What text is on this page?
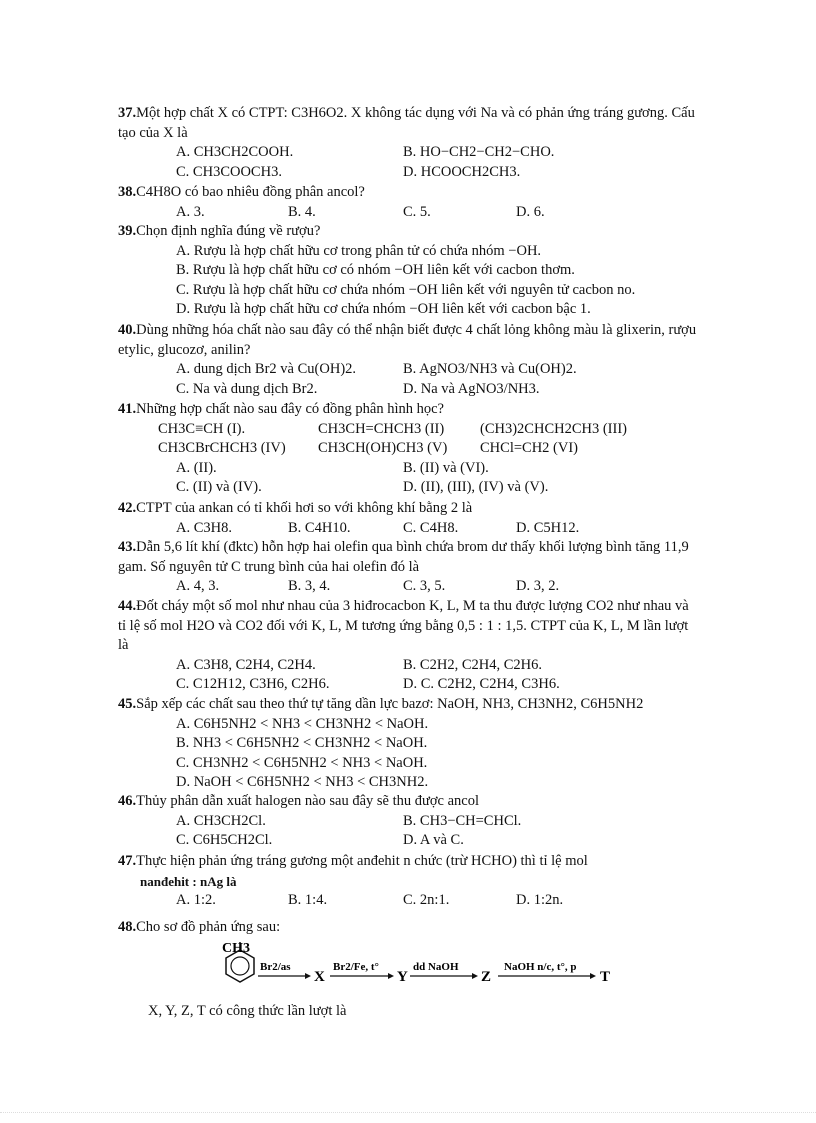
37.Một hợp chất X có CTPT: C3H6O2. X không tác dụng với Na và có phản ứng tráng gương. Cấu tạo của X là
A. CH3CH2COOH.	B. HO−CH2−CH2−CHO.
C. CH3COOCH3.	D. HCOOCH2CH3.
38.C4H8O có bao nhiêu đồng phân ancol?
A. 3.	B. 4.	C. 5.	D. 6.
39.Chọn định nghĩa đúng về rượu?
A. Rượu là hợp chất hữu cơ trong phân tử có chứa nhóm −OH.
B. Rượu là hợp chất hữu cơ có nhóm −OH liên kết với cacbon thơm.
C. Rượu là hợp chất hữu cơ chứa nhóm −OH liên kết với nguyên tử cacbon no.
D. Rượu là hợp chất hữu cơ chứa nhóm −OH liên kết với cacbon bậc 1.
40.Dùng những hóa chất nào sau đây có thể nhận biết được 4 chất lỏng không màu là glixerin, rượu etylic, glucozơ, anilin?
A. dung dịch Br2 và Cu(OH)2.	B. AgNO3/NH3 và Cu(OH)2.
C. Na và dung dịch Br2.	D. Na và AgNO3/NH3.
41.Những hợp chất nào sau đây có đồng phân hình học?
CH3C≡CH (I).	CH3CH=CHCH3 (II) (CH3)2CHCH2CH3 (III)
CH3CBrCHCH3 (IV) CH3CH(OH)CH3 (V) CHCl=CH2 (VI)
A. (II).	B. (II) và (VI).
C. (II) và (IV).	D. (II), (III), (IV) và (V).
42.CTPT của ankan có tỉ khối hơi so với không khí bằng 2 là
A. C3H8.	B. C4H10.	C. C4H8.	D. C5H12.
43.Dẫn 5,6 lít khí (đktc) hỗn hợp hai olefin qua bình chứa brom dư thấy khối lượng bình tăng 11,9 gam. Số nguyên tử C trung bình của hai olefin đó là
A. 4, 3.	B. 3, 4.	C. 3, 5.	D. 3, 2.
44.Đốt cháy một số mol như nhau của 3 hiđrocacbon K, L, M ta thu được lượng CO2 như nhau và tỉ lệ số mol H2O và CO2 đối với K, L, M tương ứng bằng 0,5 : 1 : 1,5. CTPT của K, L, M lần lượt là
A. C3H8, C2H4, C2H4.	B. C2H2, C2H4, C2H6.
C. C12H12, C3H6, C2H6.	D. C. C2H2, C2H4, C3H6.
45.Sắp xếp các chất sau theo thứ tự tăng dần lực bazơ: NaOH, NH3, CH3NH2, C6H5NH2
A. C6H5NH2 < NH3 < CH3NH2 < NaOH.
B. NH3 < C6H5NH2 < CH3NH2 < NaOH.
C. CH3NH2 < C6H5NH2 < NH3 < NaOH.
D. NaOH < C6H5NH2 < NH3 < CH3NH2.
46.Thủy phân dẫn xuất halogen nào sau đây sẽ thu được ancol
A. CH3CH2Cl.	B. CH3−CH=CHCl.
C. C6H5CH2Cl.	D. A và C.
47.Thực hiện phản ứng tráng gương một anđehit n chức (trừ HCHO) thì tỉ lệ mol
nanđehit : nAg là
A. 1:2.	B. 1:4.	C. 2n:1.	D. 1:2n.
48.Cho sơ đồ phản ứng sau:
CH3
Br2/as	Br2/Fe, t°	dd NaOH	NaOH n/c, t°, p
X	Y	Z	T
X, Y, Z, T có công thức lần lượt là
